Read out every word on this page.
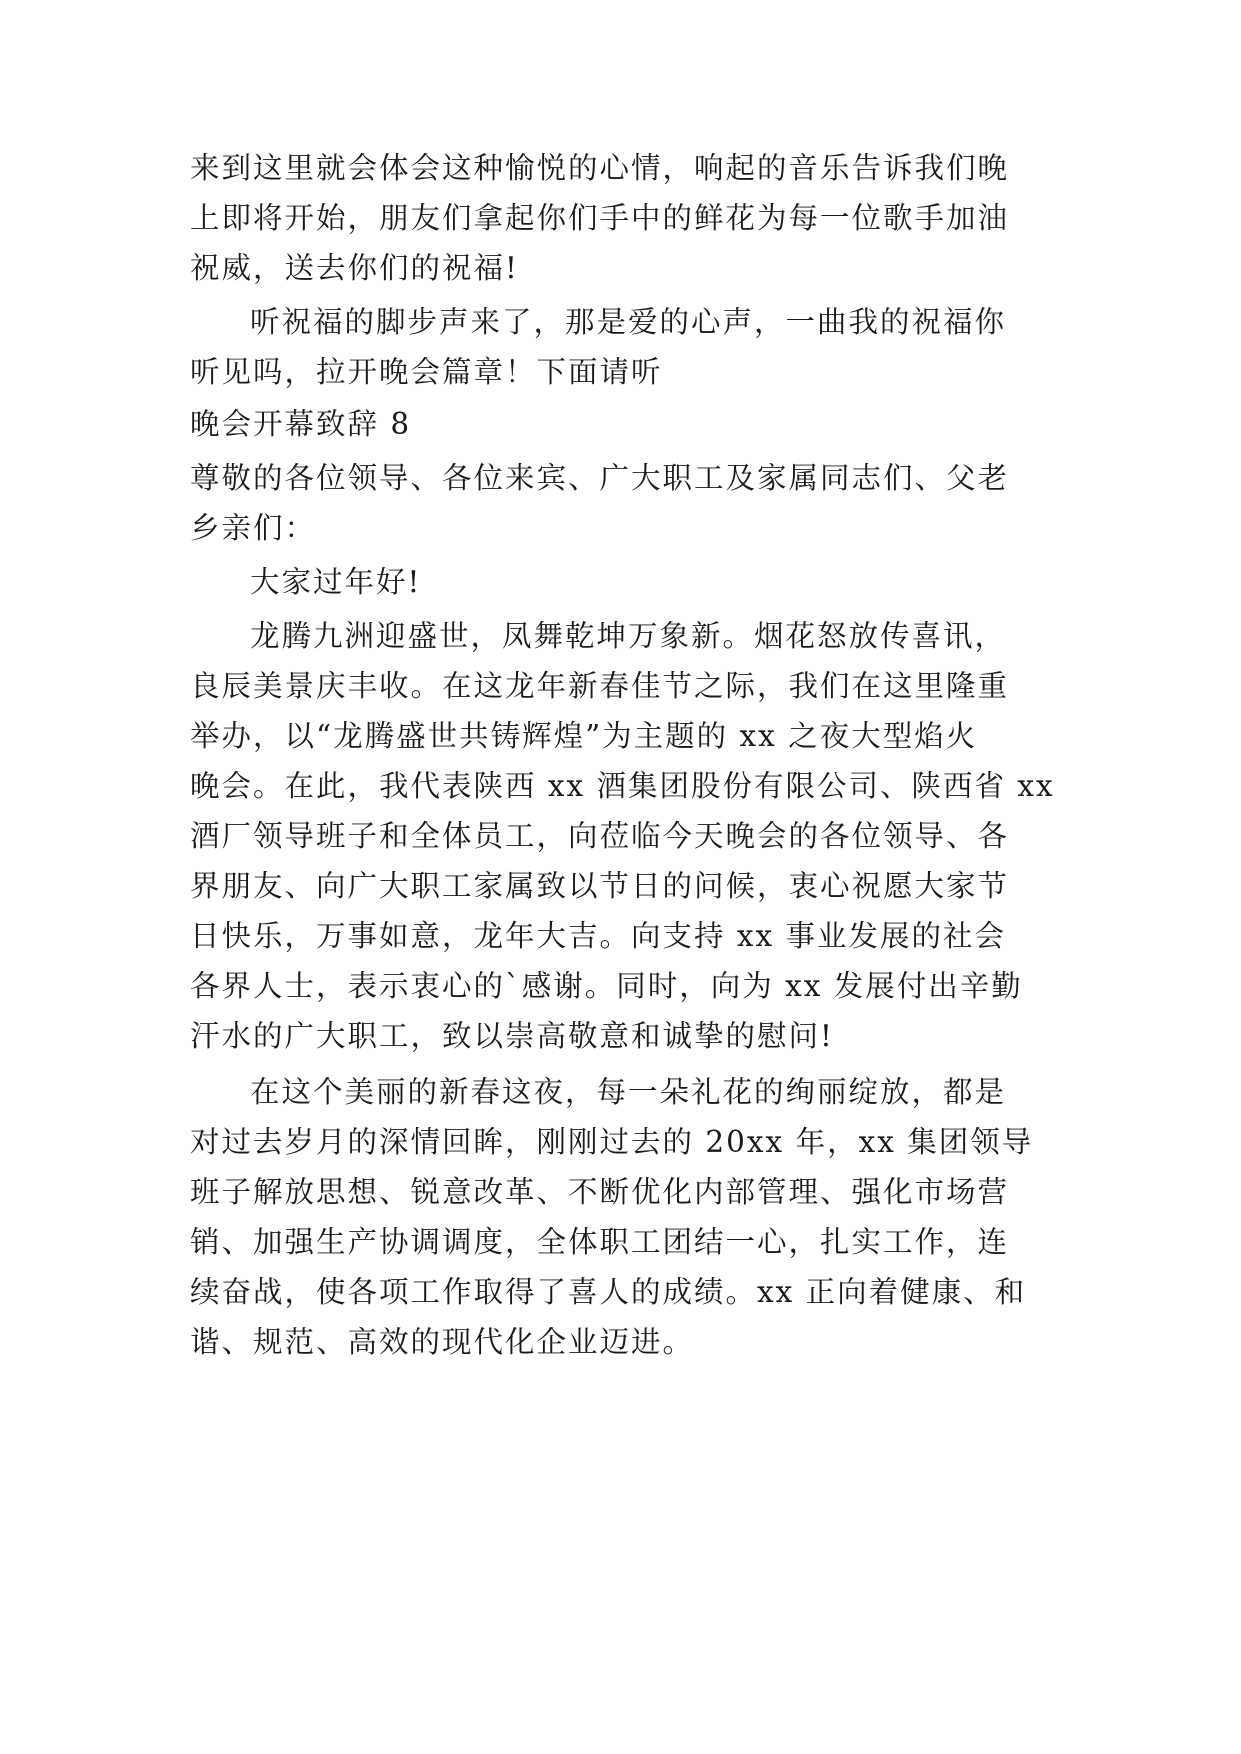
来到这里就会体会这种愉悦的心情，响起的音乐告诉我们晚
上即将开始，朋友们拿起你们手中的鲜花为每一位歌手加油
祝威，送去你们的祝福!
听祝福的脚步声来了，那是爱的心声，一曲我的祝福你
听见吗，拉开晚会篇章！下面请听
晚会开幕致辞 8
尊敬的各位领导、各位来宾、广大职工及家属同志们、父老
乡亲们：
大家过年好!
龙腾九洲迎盛世，凤舞乾坤万象新。烟花怒放传喜讯，
良辰美景庆丰收。在这龙年新春佳节之际，我们在这里隆重
举办，以“龙腾盛世共铸辉煌”为主题的 xx 之夜大型焰火
晚会。在此，我代表陕西 xx 酒集团股份有限公司、陕西省 xx
酒厂领导班子和全体员工，向莅临今天晚会的各位领导、各
界朋友、向广大职工家属致以节日的问候，衷心祝愿大家节
日快乐，万事如意，龙年大吉。向支持 xx 事业发展的社会
各界人士，表示衷心的`感谢。同时，向为 xx 发展付出辛勤
汗水的广大职工，致以崇高敬意和诚挚的慰问!
在这个美丽的新春这夜，每一朵礼花的绚丽绽放，都是
对过去岁月的深情回眸，刚刚过去的 20xx 年，xx 集团领导
班子解放思想、锐意改革、不断优化内部管理、强化市场营
销、加强生产协调调度，全体职工团结一心，扎实工作，连
续奋战，使各项工作取得了喜人的成绩。xx 正向着健康、和
谐、规范、高效的现代化企业迈进。
